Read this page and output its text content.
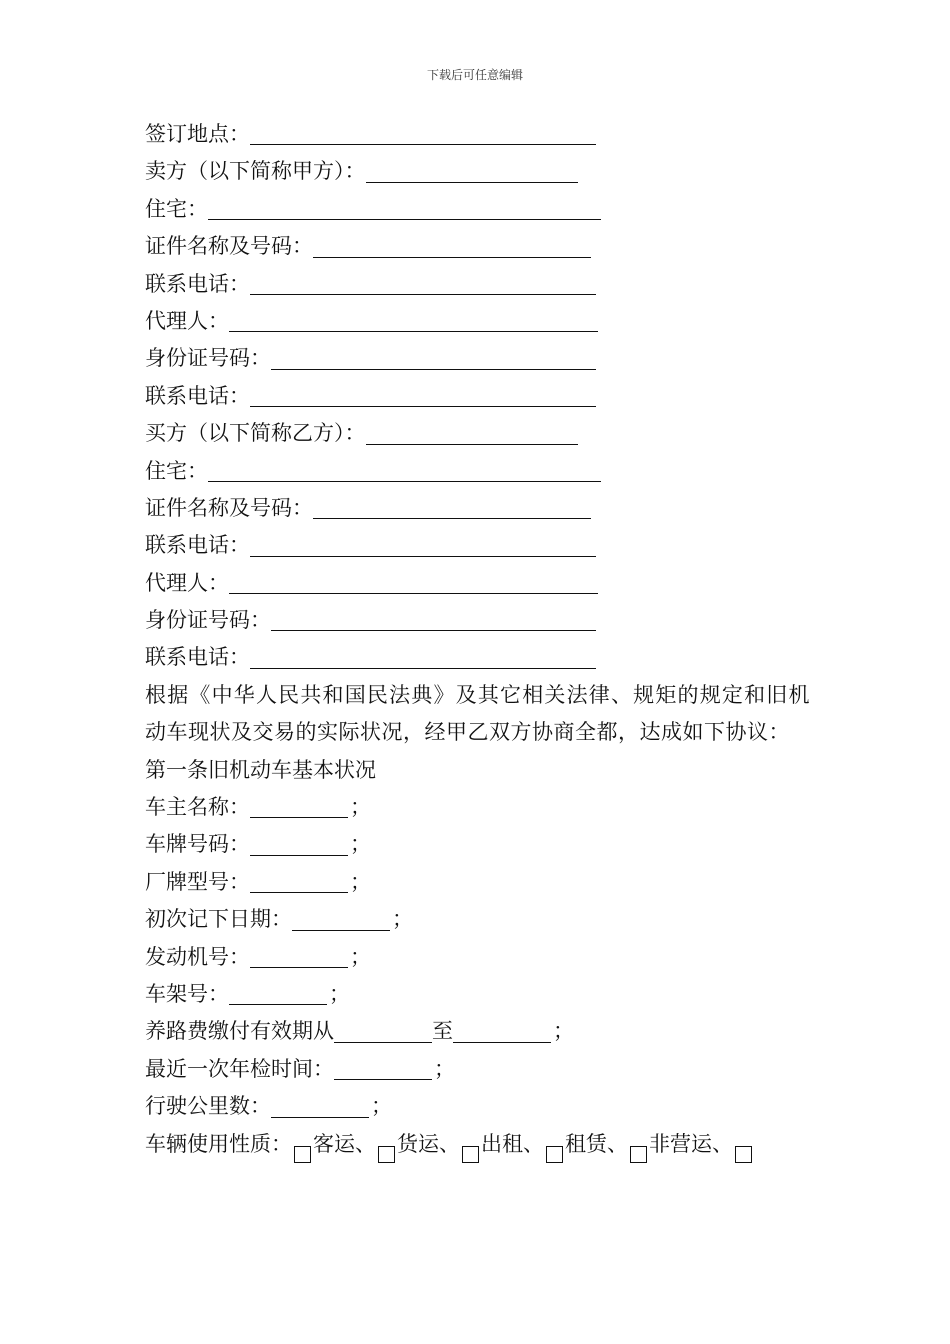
下载后可任意编辑
签订地点：
卖方（以下简称甲方）：
住宅：
证件名称及号码：
联系电话：
代理人：
身份证号码：
联系电话：
买方（以下简称乙方）：
住宅：
证件名称及号码：
联系电话：
代理人：
身份证号码：
联系电话：
根据《中华人民共和国民法典》及其它相关法律、规矩的规定和旧机动车现状及交易的实际状况，经甲乙双方协商全都，达成如下协议：
第一条旧机动车基本状况
车主名称：	；
车牌号码：	；
厂牌型号：	；
初次记下日期：	；
发动机号：	；
车架号：	；
养路费缴付有效期从	至	；
最近一次年检时间：	；
行驶公里数：	；
车辆使用性质： 客运 、 货运 、 出租 、 租赁 、 非营运 、
